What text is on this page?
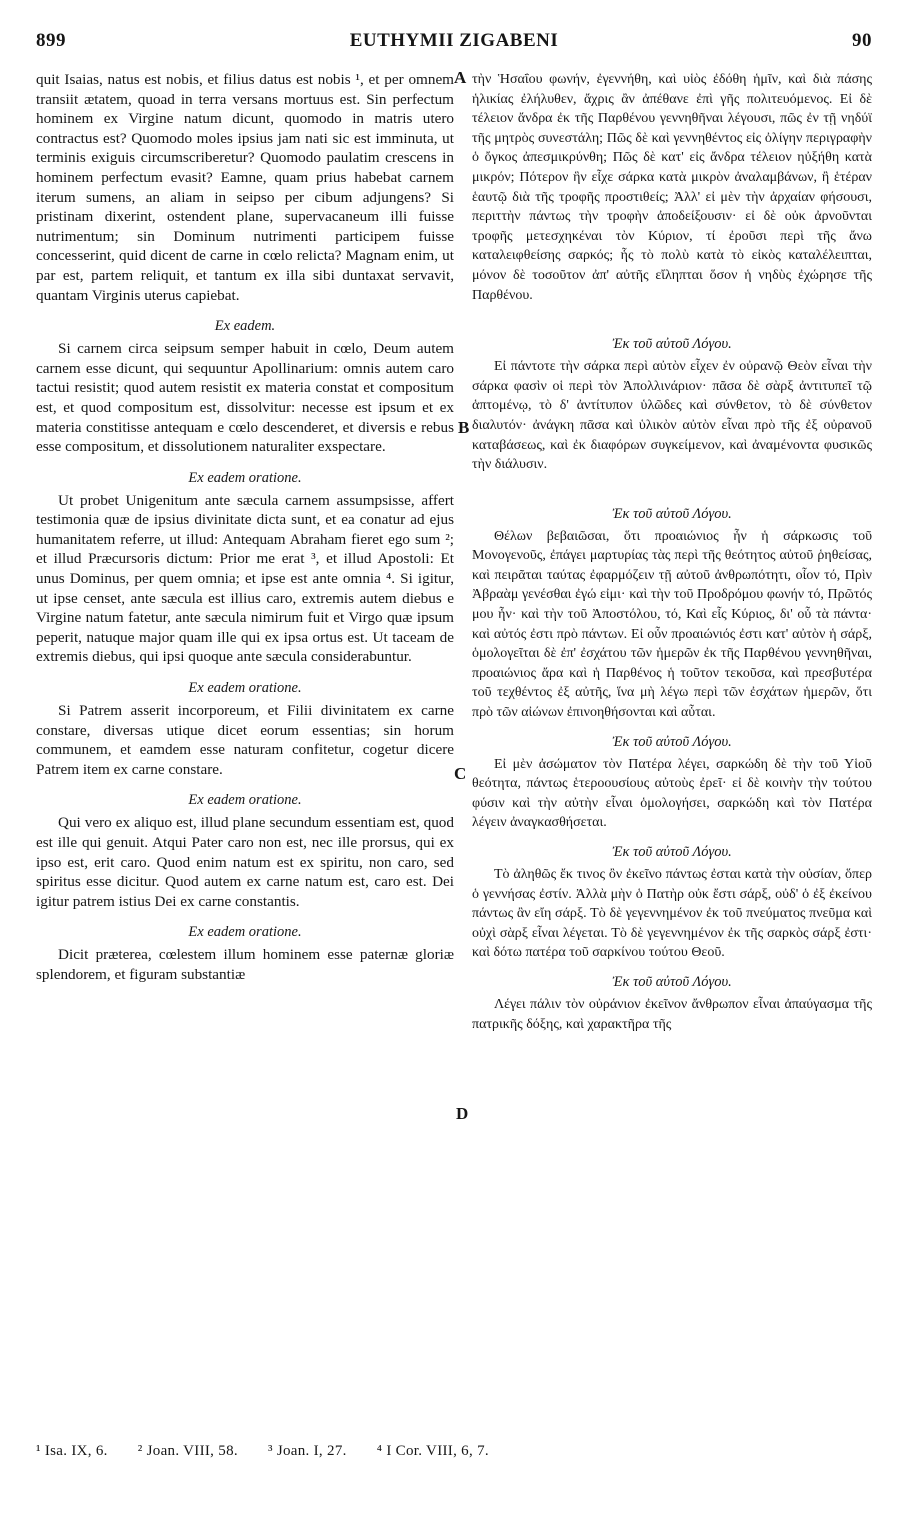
899	EUTHYMII ZIGABENI	90

quit Isaias, natus est nobis, et filius datus est nobis ¹, et per omnem transiit ætatem, quoad in terra versans mortuus est. Sin perfectum hominem ex Virgine natum dicunt, quomodo in matris utero contractus est? Quomodo moles ipsius jam nati sic est imminuta, ut terminis exiguis circumscriberetur? Quomodo paulatim crescens in hominem perfectum evasit? Eamne, quam prius habebat carnem iterum sumens, an aliam in seipso per cibum adjungens? Si pristinam dixerint, ostendent plane, supervacaneum illi fuisse nutrimentum; sin Dominum nutrimenti participem fuisse concesserint, quid dicent de carne in cœlo relicta? Magnam enim, ut par est, partem reliquit, et tantum ex illa sibi duntaxat servavit, quantam Virginis uterus capiebat.

Ex eadem.

Si carnem circa seipsum semper habuit in cœlo, Deum autem carnem esse dicunt, qui sequuntur Apollinarium: omnis autem caro tactui resistit; quod autem resistit ex materia constat et compositum est, et quod compositum est, dissolvitur: necesse est ipsum et ex materia constitisse antequam e cœlo descenderet, et diversis e rebus esse compositum, et dissolutionem naturaliter exspectare.

Ex eadem oratione.

Ut probet Unigenitum ante sæcula carnem assumpsisse, affert testimonia quæ de ipsius divinitate dicta sunt, et ea conatur ad ejus humanitatem referre, ut illud: Antequam Abraham fieret ego sum ²; et illud Præcursoris dictum: Prior me erat ³, et illud Apostoli: Et unus Dominus, per quem omnia; et ipse est ante omnia ⁴. Si igitur, ut ipse censet, ante sæcula est illius caro, extremis autem diebus e Virgine natum fatetur, ante sæcula nimirum fuit et Virgo quæ ipsum peperit, natuque major quam ille qui ex ipsa ortus est. Ut taceam de extremis diebus, qui ipsi quoque ante sæcula considerabuntur.

Ex eadem oratione.

Si Patrem asserit incorporeum, et Filii divinitatem ex carne constare, diversas utique dicet eorum essentias; sin horum communem, et eamdem esse naturam confitetur, cogetur dicere Patrem item ex carne constare.

Ex eadem oratione.

Qui vero ex aliquo est, illud plane secundum essentiam est, quod est ille qui genuit. Atqui Pater caro non est, nec ille prorsus, qui ex ipso est, erit caro. Quod enim natum est ex spiritu, non caro, sed spiritus esse dicitur. Quod autem ex carne natum est, caro est. Dei igitur patrem istius Dei ex carne constantis.

Ex eadem oratione.

Dicit præterea, cœlestem illum hominem esse paternæ gloriæ splendorem, et figuram substantiæ

τὴν Ἡσαΐου φωνήν, ἐγεννήθη, καὶ υἱὸς ἐδόθη ἡμῖν, καὶ διὰ πάσης ἡλικίας ἐλήλυθεν, ἄχρις ἂν ἀπέθανε ἐπὶ γῆς πολιτευόμενος. Εἰ δὲ τέλειον ἄνδρα ἐκ τῆς Παρθένου γεννηθῆναι λέγουσι, πῶς ἐν τῇ νηδύϊ τῆς μητρὸς συνεστάλη; Πῶς δὲ καὶ γεννηθέντος εἰς ὀλίγην περιγραφὴν ὁ ὄγκος ἀπεσμικρύνθη; Πῶς δὲ κατ' εἰς ἄνδρα τέλειον ηὐξήθη κατὰ μικρόν; Πότερον ἣν εἶχε σάρκα κατὰ μικρὸν ἀναλαμβάνων, ἢ ἑτέραν ἑαυτῷ διὰ τῆς τροφῆς προστιθείς; Ἀλλ' εἰ μὲν τὴν ἀρχαίαν φήσουσι, περιττὴν πάντως τὴν τροφὴν ἀποδείξουσιν· εἰ δὲ οὐκ ἀρνοῦνται τροφῆς μετεσχηκέναι τὸν Κύριον, τί ἐροῦσι περὶ τῆς ἄνω καταλειφθείσης σαρκός; ἧς τὸ πολὺ κατὰ τὸ εἰκὸς καταλέλειπται, μόνον δὲ τοσοῦτον ἀπ' αὐτῆς εἴληπται ὅσον ἡ νηδὺς ἐχώρησε τῆς Παρθένου.

Ἐκ τοῦ αὐτοῦ Λόγου.

Εἰ πάντοτε τὴν σάρκα περὶ αὐτὸν εἶχεν ἐν οὐρανῷ Θεὸν εἶναι τὴν σάρκα φασὶν οἱ περὶ τὸν Ἀπολλινάριον· πᾶσα δὲ σὰρξ ἀντιτυπεῖ τῷ ἁπτομένῳ, τὸ δ' ἀντίτυπον ὑλῶδες καὶ σύνθετον, τὸ δὲ σύνθετον διαλυτόν· ἀνάγκη πᾶσα καὶ ὑλικὸν αὐτὸν εἶναι πρὸ τῆς ἐξ οὐρανοῦ καταβάσεως, καὶ ἐκ διαφόρων συγκείμενον, καὶ ἀναμένοντα φυσικῶς τὴν διάλυσιν.

Ἐκ τοῦ αὐτοῦ Λόγου.

Θέλων βεβαιῶσαι, ὅτι προαιώνιος ἦν ἡ σάρκωσις τοῦ Μονογενοῦς, ἐπάγει μαρτυρίας τὰς περὶ τῆς θεότητος αὐτοῦ ῥηθείσας, καὶ πειρᾶται ταύτας ἐφαρμόζειν τῇ αὐτοῦ ἀνθρωπότητι, οἷον τό, Πρὶν Ἀβραὰμ γενέσθαι ἐγώ εἰμι· καὶ τὴν τοῦ Προδρόμου φωνήν τό, Πρῶτός μου ἦν· καὶ τὴν τοῦ Ἀποστόλου, τό, Καὶ εἷς Κύριος, δι' οὗ τὰ πάντα· καὶ αὐτός ἐστι πρὸ πάντων. Εἰ οὖν προαιώνιός ἐστι κατ' αὐτὸν ἡ σάρξ, ὁμολογεῖται δὲ ἐπ' ἐσχάτου τῶν ἡμερῶν ἐκ τῆς Παρθένου γεννηθῆναι, προαιώνιος ἄρα καὶ ἡ Παρθένος ἡ τοῦτον τεκοῦσα, καὶ πρεσβυτέρα τοῦ τεχθέντος ἐξ αὐτῆς, ἵνα μὴ λέγω περὶ τῶν ἐσχάτων ἡμερῶν, ὅτι πρὸ τῶν αἰώνων ἐπινοηθήσονται καὶ αὗται.

Ἐκ τοῦ αὐτοῦ Λόγου.

Εἰ μὲν ἀσώματον τὸν Πατέρα λέγει, σαρκώδη δὲ τὴν τοῦ Υἱοῦ θεότητα, πάντως ἑτεροουσίους αὐτοὺς ἐρεῖ· εἰ δὲ κοινὴν τὴν τούτου φύσιν καὶ τὴν αὐτὴν εἶναι ὁμολογήσει, σαρκώδη καὶ τὸν Πατέρα λέγειν ἀναγκασθήσεται.

Ἐκ τοῦ αὐτοῦ Λόγου.

Τὸ ἀληθῶς ἔκ τινος ὂν ἐκεῖνο πάντως ἐσται κατὰ τὴν οὐσίαν, ὅπερ ὁ γεννήσας ἐστίν. Ἀλλὰ μὴν ὁ Πατὴρ οὐκ ἔστι σάρξ, οὐδ' ὁ ἐξ ἐκείνου πάντως ἂν εἴη σάρξ. Τὸ δὲ γεγεννημένον ἐκ τοῦ πνεύματος πνεῦμα καὶ οὐχὶ σὰρξ εἶναι λέγεται. Τὸ δὲ γεγεννημένον ἐκ τῆς σαρκὸς σάρξ ἐστι· καὶ δότω πατέρα τοῦ σαρκίνου τούτου Θεοῦ.

Ἐκ τοῦ αὐτοῦ Λόγου.

Λέγει πάλιν τὸν οὐράνιον ἐκεῖνον ἄνθρωπον εἶναι ἀπαύγασμα τῆς πατρικῆς δόξης, καὶ χαρακτῆρα τῆς

A
B
C
D
¹ Isa. IX, 6. ² Joan. VIII, 58. ³ Joan. I, 27. ⁴ I Cor. VIII, 6, 7.
